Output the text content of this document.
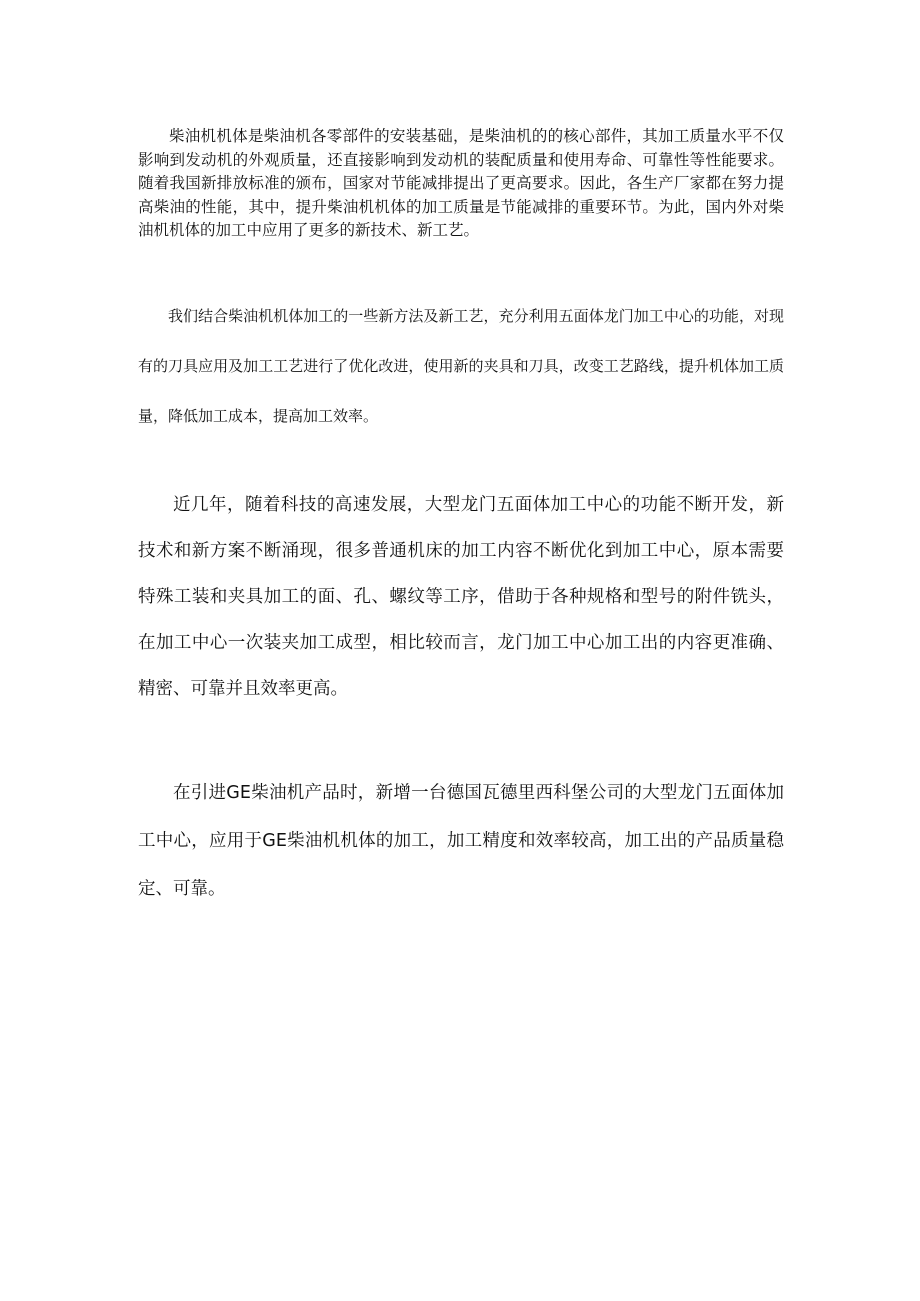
柴油机机体是柴油机各零部件的安装基础，是柴油机的的核心部件，其加工质量水平不仅影响到发动机的外观质量，还直接影响到发动机的装配质量和使用寿命、可靠性等性能要求。随着我国新排放标准的颁布，国家对节能减排提出了更高要求。因此，各生产厂家都在努力提高柴油的性能，其中，提升柴油机机体的加工质量是节能减排的重要环节。为此，国内外对柴油机机体的加工中应用了更多的新技术、新工艺。

我们结合柴油机机体加工的一些新方法及新工艺，充分利用五面体龙门加工中心的功能，对现有的刀具应用及加工工艺进行了优化改进，使用新的夹具和刀具，改变工艺路线，提升机体加工质量，降低加工成本，提高加工效率。

近几年，随着科技的高速发展，大型龙门五面体加工中心的功能不断开发，新技术和新方案不断涌现，很多普通机床的加工内容不断优化到加工中心，原本需要特殊工装和夹具加工的面、孔、螺纹等工序，借助于各种规格和型号的附件铣头，在加工中心一次装夹加工成型，相比较而言，龙门加工中心加工出的内容更准确、精密、可靠并且效率更高。

在引进GE柴油机产品时，新增一台德国瓦德里西科堡公司的大型龙门五面体加工中心，应用于GE柴油机机体的加工，加工精度和效率较高，加工出的产品质量稳定、可靠。
